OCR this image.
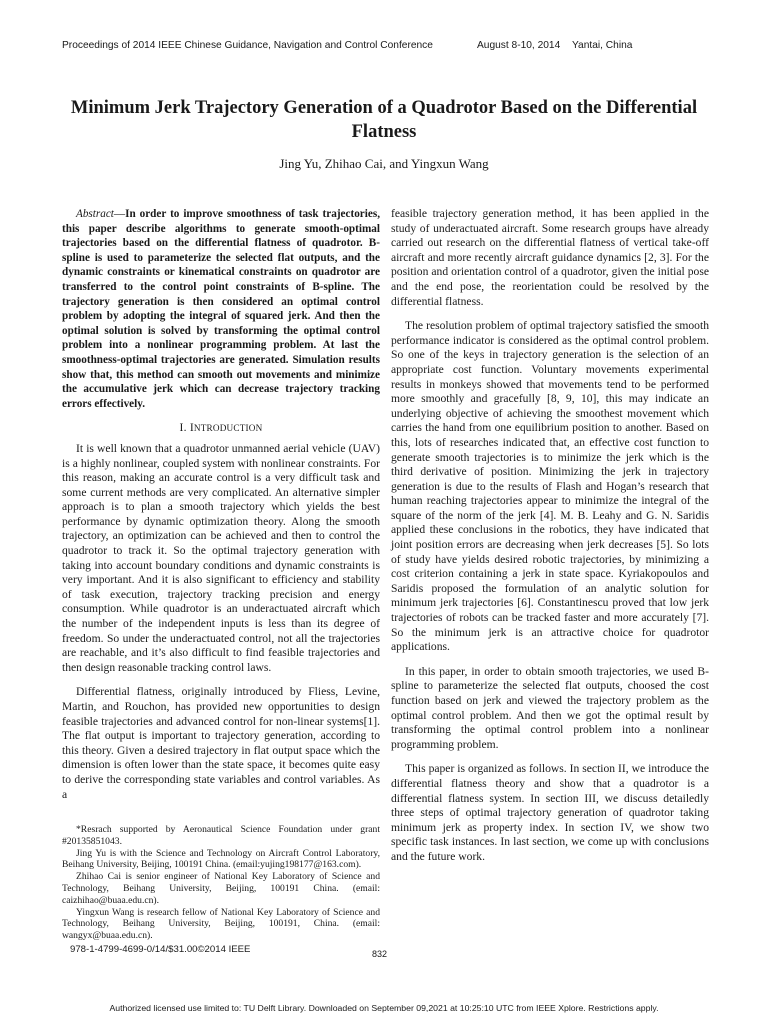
Proceedings of 2014 IEEE Chinese Guidance, Navigation and Control Conference	August 8-10, 2014 Yantai, China
Minimum Jerk Trajectory Generation of a Quadrotor Based on the Differential Flatness
Jing Yu, Zhihao Cai, and Yingxun Wang

Abstract—In order to improve smoothness of task trajectories, this paper describe algorithms to generate smooth-optimal trajectories based on the differential flatness of quadrotor. B-spline is used to parameterize the selected flat outputs, and the dynamic constraints or kinematical constraints on quadrotor are transferred to the control point constraints of B-spline. The trajectory generation is then considered an optimal control problem by adopting the integral of squared jerk. And then the optimal solution is solved by transforming the optimal control problem into a nonlinear programming problem. At last the smoothness-optimal trajectories are generated. Simulation results show that, this method can smooth out movements and minimize the accumulative jerk which can decrease trajectory tracking errors effectively.

I. INTRODUCTION

It is well known that a quadrotor unmanned aerial vehicle (UAV) is a highly nonlinear, coupled system with nonlinear constraints. For this reason, making an accurate control is a very difficult task and some current methods are very complicated. An alternative simpler approach is to plan a smooth trajectory which yields the best performance by dynamic optimization theory. Along the smooth trajectory, an optimization can be achieved and then to control the quadrotor to track it. So the optimal trajectory generation with taking into account boundary conditions and dynamic constraints is very important. And it is also significant to efficiency and stability of task execution, trajectory tracking precision and energy consumption. While quadrotor is an underactuated aircraft which the number of the independent inputs is less than its degree of freedom. So under the underactuated control, not all the trajectories are reachable, and it’s also difficult to find feasible trajectories and then design reasonable tracking control laws.

Differential flatness, originally introduced by Fliess, Levine, Martin, and Rouchon, has provided new opportunities to design feasible trajectories and advanced control for non-linear systems[1]. The flat output is important to trajectory generation, according to this theory. Given a desired trajectory in flat output space which the dimension is often lower than the state space, it becomes quite easy to derive the corresponding state variables and control variables. As a

feasible trajectory generation method, it has been applied in the study of underactuated aircraft. Some research groups have already carried out research on the differential flatness of vertical take-off aircraft and more recently aircraft guidance dynamics [2, 3]. For the position and orientation control of a quadrotor, given the initial pose and the end pose, the reorientation could be resolved by the differential flatness.

The resolution problem of optimal trajectory satisfied the smooth performance indicator is considered as the optimal control problem. So one of the keys in trajectory generation is the selection of an appropriate cost function. Voluntary movements experimental results in monkeys showed that movements tend to be performed more smoothly and gracefully [8, 9, 10], this may indicate an underlying objective of achieving the smoothest movement which carries the hand from one equilibrium position to another. Based on this, lots of researches indicated that, an effective cost function to generate smooth trajectories is to minimize the jerk which is the third derivative of position. Minimizing the jerk in trajectory generation is due to the results of Flash and Hogan’s research that human reaching trajectories appear to minimize the integral of the square of the norm of the jerk [4]. M. B. Leahy and G. N. Saridis applied these conclusions in the robotics, they have indicated that joint position errors are decreasing when jerk decreases [5]. So lots of study have yields desired robotic trajectories, by minimizing a cost criterion containing a jerk in state space. Kyriakopoulos and Saridis proposed the formulation of an analytic solution for minimum jerk trajectories [6]. Constantinescu proved that low jerk trajectories of robots can be tracked faster and more accurately [7]. So the minimum jerk is an attractive choice for quadrotor applications.

In this paper, in order to obtain smooth trajectories, we used B-spline to parameterize the selected flat outputs, choosed the cost function based on jerk and viewed the trajectory problem as the optimal control problem. And then we got the optimal result by transforming the optimal control problem into a nonlinear programming problem.

This paper is organized as follows. In section II, we introduce the differential flatness theory and show that a quadrotor is a differential flatness system. In section III, we discuss detailedly three steps of optimal trajectory generation of quadrotor taking minimum jerk as property index. In section IV, we show two specific task instances. In last section, we come up with conclusions and the future work.

*Resrach supported by Aeronautical Science Foundation under grant #20135851043.

Jing Yu is with the Science and Technology on Aircraft Control Laboratory, Beihang University, Beijing, 100191 China. (email:yujing198177@163.com).

Zhihao Cai is senior engineer of National Key Laboratory of Science and Technology, Beihang University, Beijing, 100191 China. (email: caizhihao@buaa.edu.cn).

Yingxun Wang is research fellow of National Key Laboratory of Science and Technology, Beihang University, Beijing, 100191, China. (email: wangyx@buaa.edu.cn).

978-1-4799-4699-0/14/$31.00©2014 IEEE	832
Authorized licensed use limited to: TU Delft Library. Downloaded on September 09,2021 at 10:25:10 UTC from IEEE Xplore. Restrictions apply.
